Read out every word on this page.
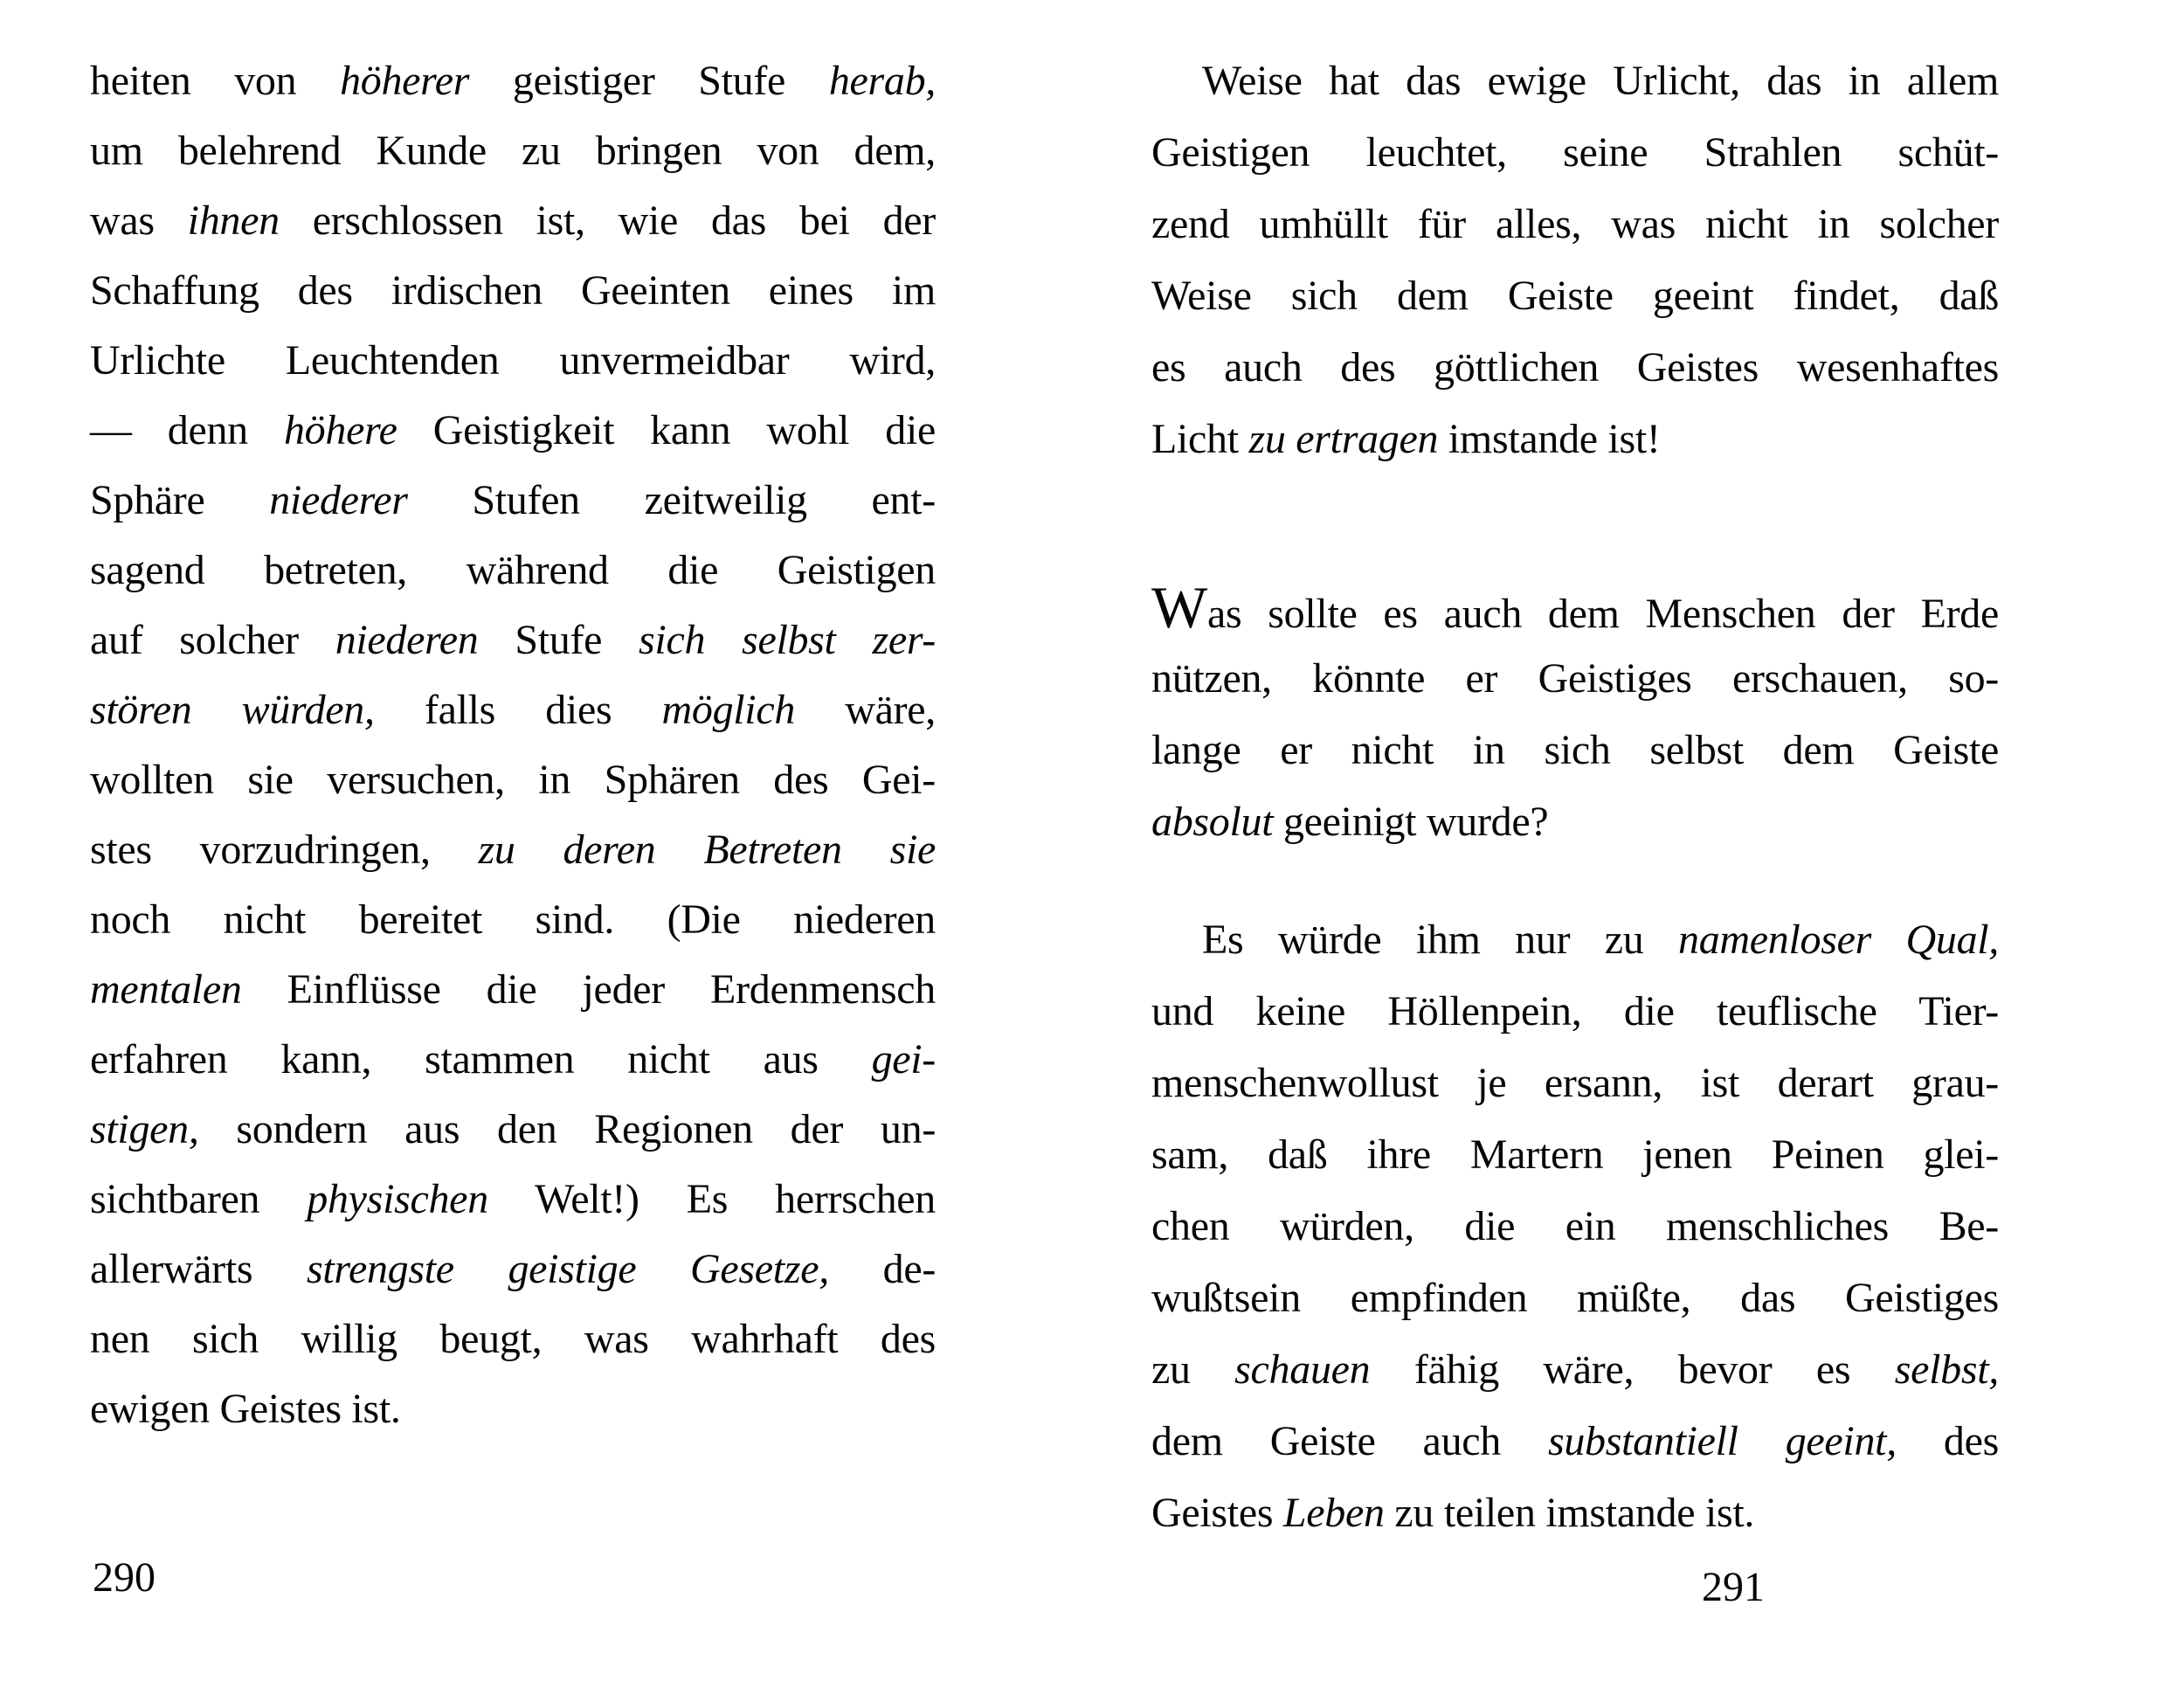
heiten von höherer geistiger Stufe herab,
um belehrend Kunde zu bringen von dem,
was ihnen erschlossen ist, wie das bei der
Schaffung des irdischen Geeinten eines im
Urlichte Leuchtenden unvermeidbar wird,
— denn höhere Geistigkeit kann wohl die
Sphäre niederer Stufen zeitweilig ent-
sagend betreten, während die Geistigen
auf solcher niederen Stufe sich selbst zer-
stören würden, falls dies möglich wäre,
wollten sie versuchen, in Sphären des Gei-
stes vorzudringen, zu deren Betreten sie
noch nicht bereitet sind. (Die niederen
mentalen Einflüsse die jeder Erdenmensch
erfahren kann, stammen nicht aus gei-
stigen, sondern aus den Regionen der un-
sichtbaren physischen Welt!) Es herrschen
allerwärts strengste geistige Gesetze, de-
nen sich willig beugt, was wahrhaft des
ewigen Geistes ist.
290
Weise hat das ewige Urlicht, das in allem
Geistigen leuchtet, seine Strahlen schüt-
zend umhüllt für alles, was nicht in solcher
Weise sich dem Geiste geeint findet, daß
es auch des göttlichen Geistes wesenhaftes
Licht zu ertragen imstande ist!
Was sollte es auch dem Menschen der Erde
nützen, könnte er Geistiges erschauen, so-
lange er nicht in sich selbst dem Geiste
absolut geeinigt wurde?
Es würde ihm nur zu namenloser Qual,
und keine Höllenpein, die teuflische Tier-
menschenwollust je ersann, ist derart grau-
sam, daß ihre Martern jenen Peinen glei-
chen würden, die ein menschliches Be-
wußtsein empfinden müßte, das Geistiges
zu schauen fähig wäre, bevor es selbst,
dem Geiste auch substantiell geeint, des
Geistes Leben zu teilen imstande ist.
291
